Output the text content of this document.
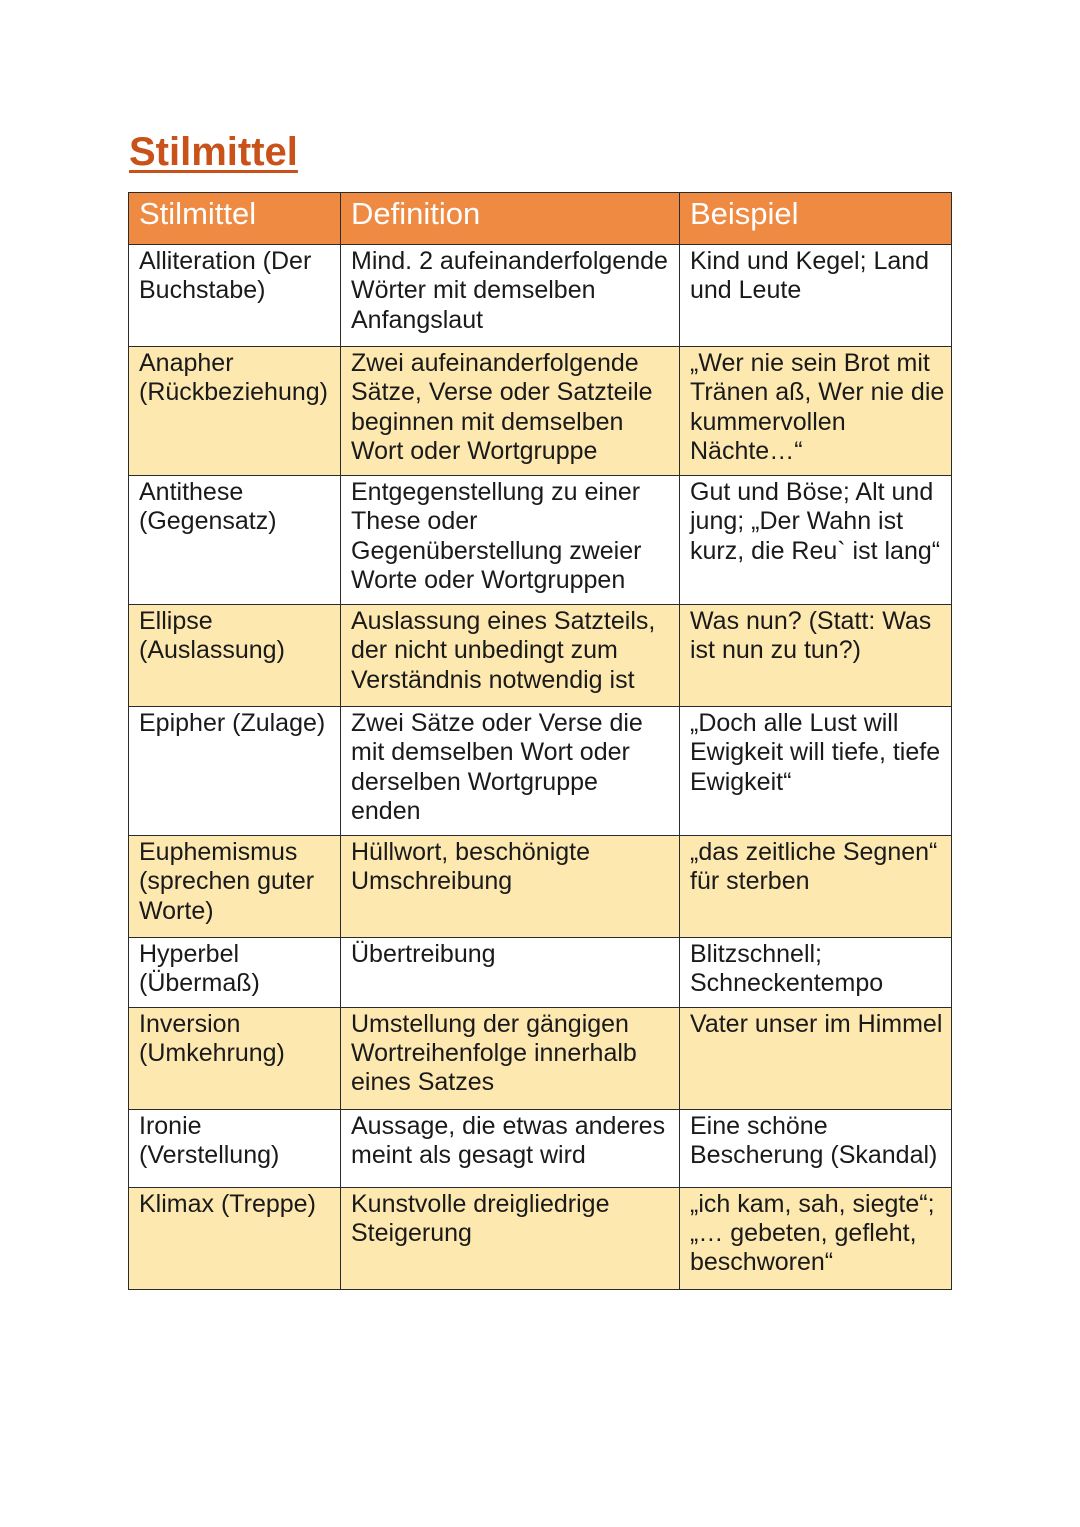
Stilmittel
Stilmittel	Definition	Beispiel
Alliteration (Der Buchstabe)	Mind. 2 aufeinanderfolgende Wörter mit demselben Anfangslaut	Kind und Kegel; Land und Leute
Anapher (Rückbeziehung)	Zwei aufeinanderfolgende Sätze, Verse oder Satzteile beginnen mit demselben Wort oder Wortgruppe	„Wer nie sein Brot mit Tränen aß, Wer nie die kummervollen Nächte…“
Antithese (Gegensatz)	Entgegenstellung zu einer These oder Gegenüberstellung zweier Worte oder Wortgruppen	Gut und Böse; Alt und jung; „Der Wahn ist kurz, die Reu` ist lang“
Ellipse (Auslassung)	Auslassung eines Satzteils, der nicht unbedingt zum Verständnis notwendig ist	Was nun? (Statt: Was ist nun zu tun?)
Epipher (Zulage)	Zwei Sätze oder Verse die mit demselben Wort oder derselben Wortgruppe enden	„Doch alle Lust will Ewigkeit will tiefe, tiefe Ewigkeit“
Euphemismus (sprechen guter Worte)	Hüllwort, beschönigte Umschreibung	„das zeitliche Segnen“ für sterben
Hyperbel (Übermaß)	Übertreibung	Blitzschnell; Schneckentempo
Inversion (Umkehrung)	Umstellung der gängigen Wortreihenfolge innerhalb eines Satzes	Vater unser im Himmel
Ironie (Verstellung)	Aussage, die etwas anderes meint als gesagt wird	Eine schöne Bescherung (Skandal)
Klimax (Treppe)	Kunstvolle dreigliedrige Steigerung	„ich kam, sah, siegte“; „… gebeten, gefleht, beschworen“
